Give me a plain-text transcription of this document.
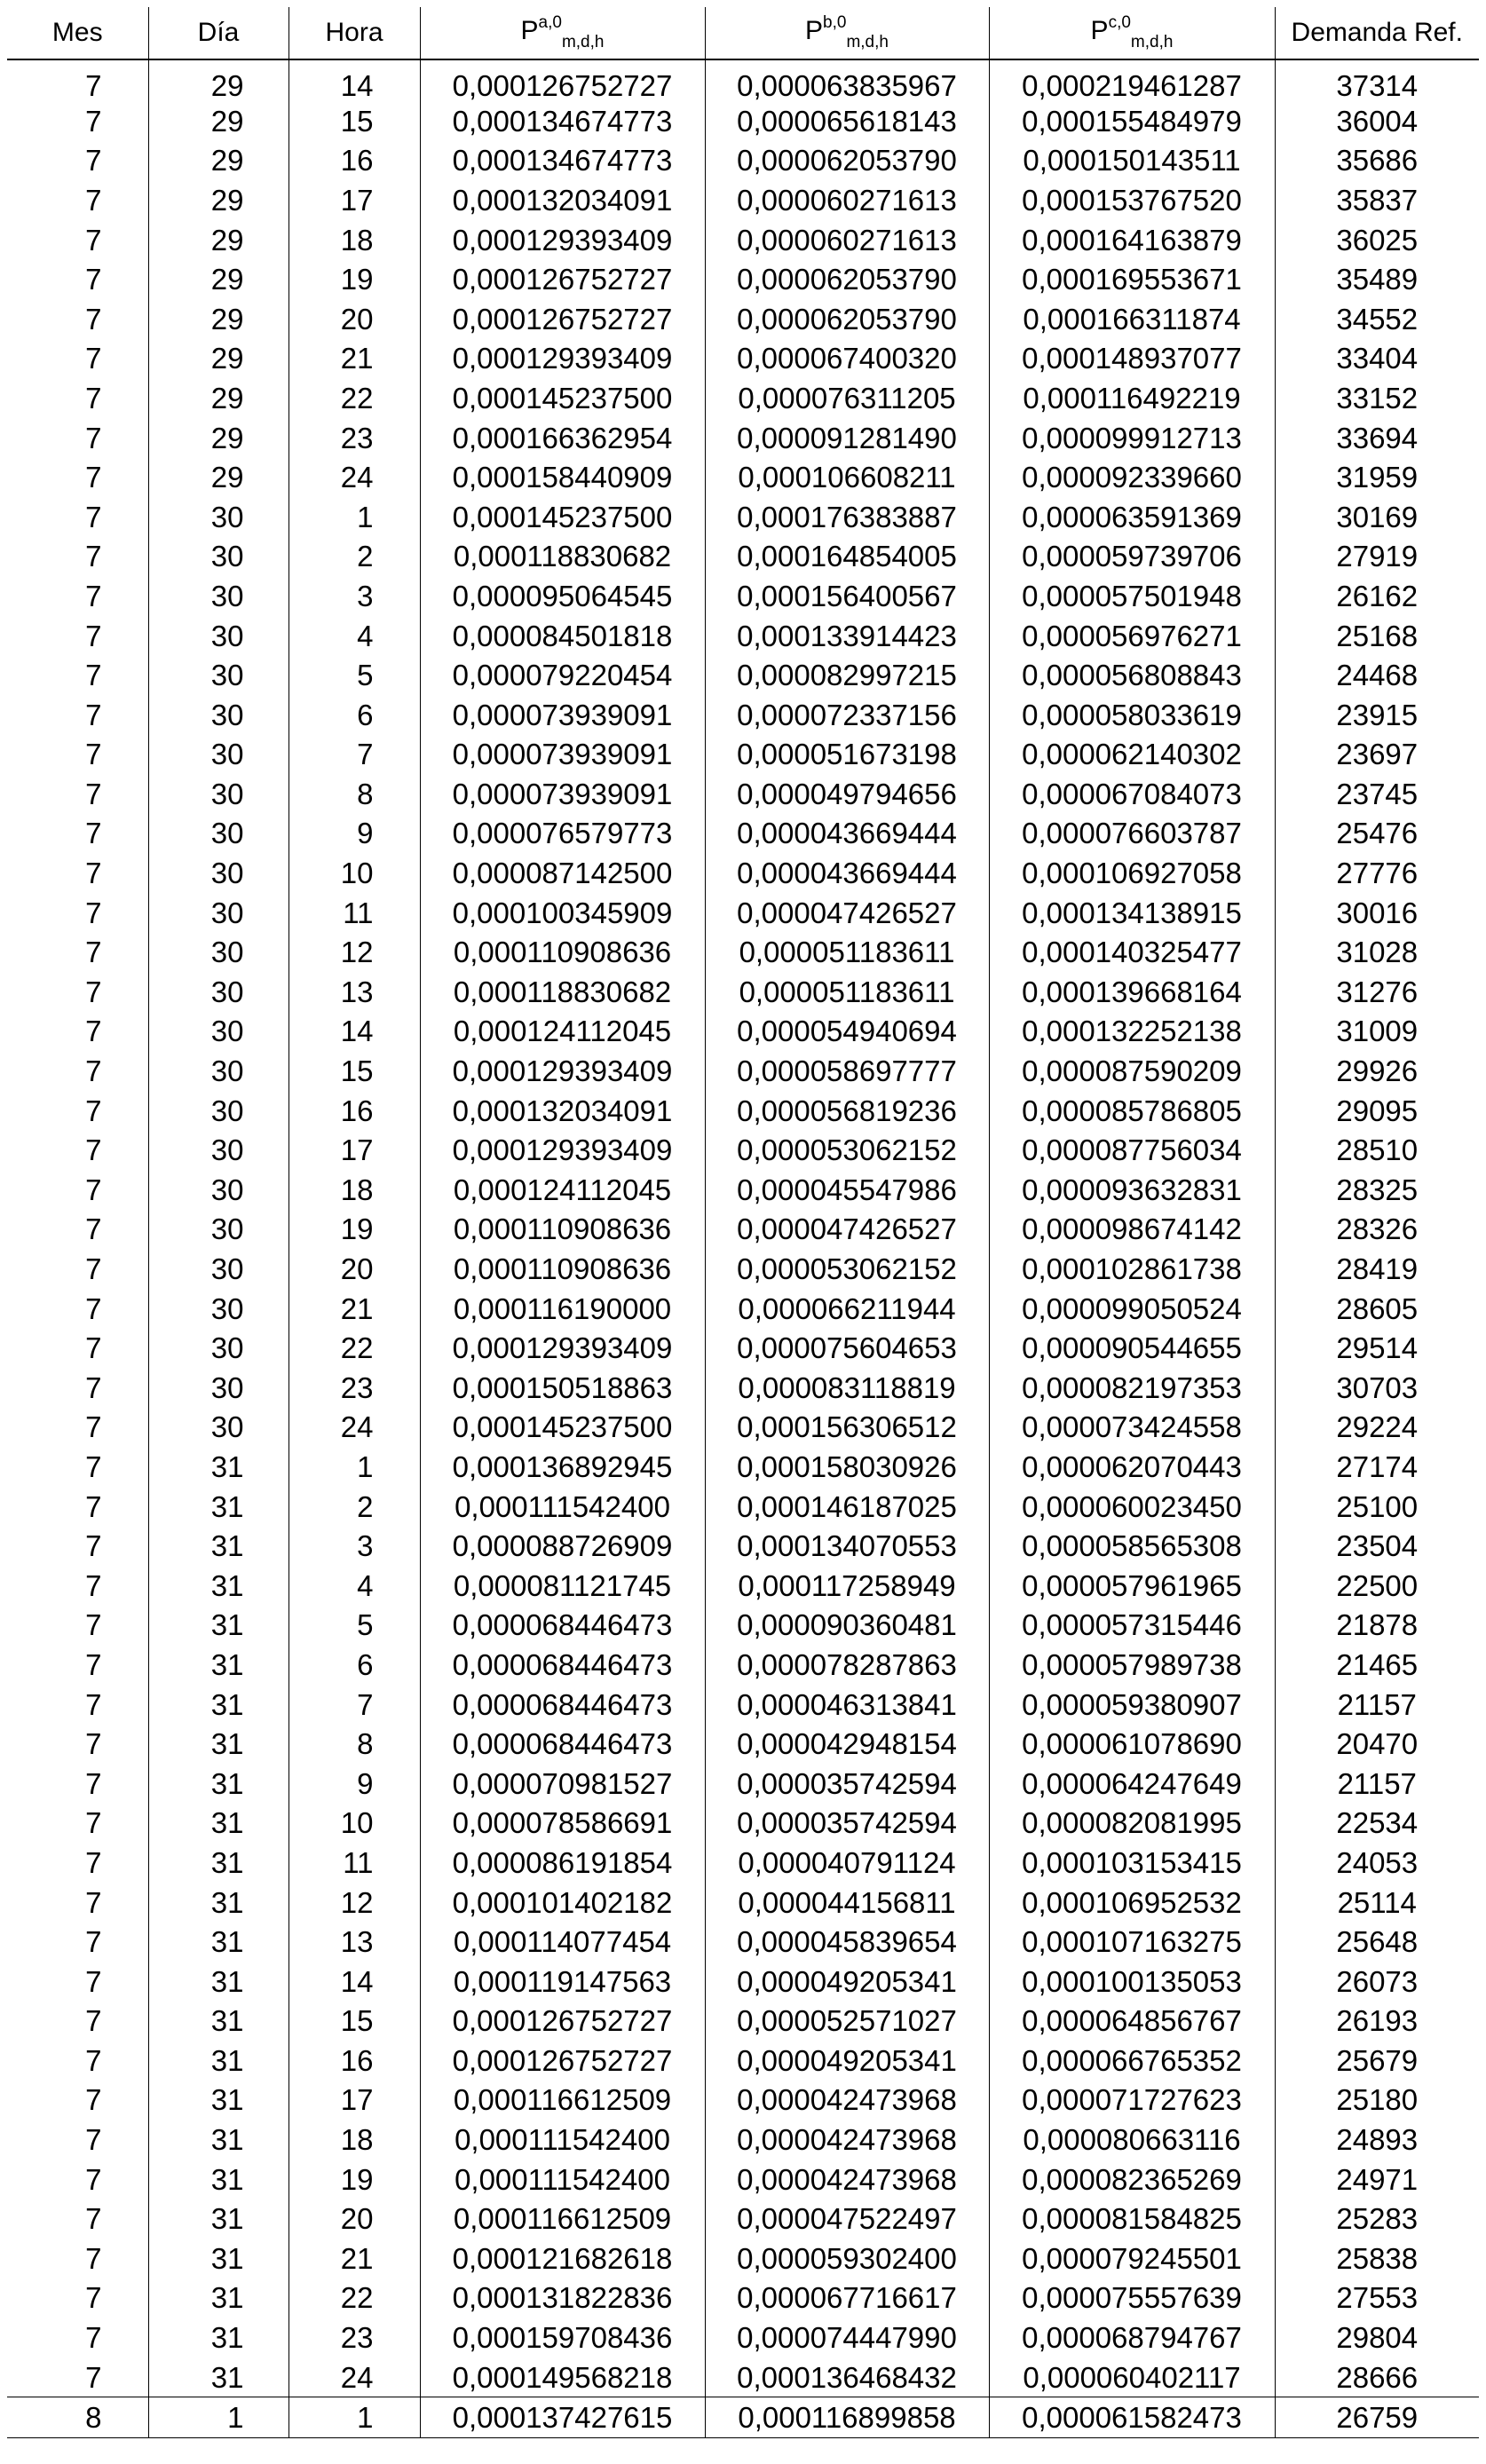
Mes	Día	Hora	P$^{a,0}_{m,d,h}$	P$^{b,0}_{m,d,h}$	P$^{c,0}_{m,d,h}$	Demanda Ref.
7	29	14	0,000126752727	0,000063835967	0,000219461287	37314
7	29	15	0,000134674773	0,000065618143	0,000155484979	36004
7	29	16	0,000134674773	0,000062053790	0,000150143511	35686
7	29	17	0,000132034091	0,000060271613	0,000153767520	35837
7	29	18	0,000129393409	0,000060271613	0,000164163879	36025
7	29	19	0,000126752727	0,000062053790	0,000169553671	35489
7	29	20	0,000126752727	0,000062053790	0,000166311874	34552
7	29	21	0,000129393409	0,000067400320	0,000148937077	33404
7	29	22	0,000145237500	0,000076311205	0,000116492219	33152
7	29	23	0,000166362954	0,000091281490	0,000099912713	33694
7	29	24	0,000158440909	0,000106608211	0,000092339660	31959
7	30	1	0,000145237500	0,000176383887	0,000063591369	30169
7	30	2	0,000118830682	0,000164854005	0,000059739706	27919
7	30	3	0,000095064545	0,000156400567	0,000057501948	26162
7	30	4	0,000084501818	0,000133914423	0,000056976271	25168
7	30	5	0,000079220454	0,000082997215	0,000056808843	24468
7	30	6	0,000073939091	0,000072337156	0,000058033619	23915
7	30	7	0,000073939091	0,000051673198	0,000062140302	23697
7	30	8	0,000073939091	0,000049794656	0,000067084073	23745
7	30	9	0,000076579773	0,000043669444	0,000076603787	25476
7	30	10	0,000087142500	0,000043669444	0,000106927058	27776
7	30	11	0,000100345909	0,000047426527	0,000134138915	30016
7	30	12	0,000110908636	0,000051183611	0,000140325477	31028
7	30	13	0,000118830682	0,000051183611	0,000139668164	31276
7	30	14	0,000124112045	0,000054940694	0,000132252138	31009
7	30	15	0,000129393409	0,000058697777	0,000087590209	29926
7	30	16	0,000132034091	0,000056819236	0,000085786805	29095
7	30	17	0,000129393409	0,000053062152	0,000087756034	28510
7	30	18	0,000124112045	0,000045547986	0,000093632831	28325
7	30	19	0,000110908636	0,000047426527	0,000098674142	28326
7	30	20	0,000110908636	0,000053062152	0,000102861738	28419
7	30	21	0,000116190000	0,000066211944	0,000099050524	28605
7	30	22	0,000129393409	0,000075604653	0,000090544655	29514
7	30	23	0,000150518863	0,000083118819	0,000082197353	30703
7	30	24	0,000145237500	0,000156306512	0,000073424558	29224
7	31	1	0,000136892945	0,000158030926	0,000062070443	27174
7	31	2	0,000111542400	0,000146187025	0,000060023450	25100
7	31	3	0,000088726909	0,000134070553	0,000058565308	23504
7	31	4	0,000081121745	0,000117258949	0,000057961965	22500
7	31	5	0,000068446473	0,000090360481	0,000057315446	21878
7	31	6	0,000068446473	0,000078287863	0,000057989738	21465
7	31	7	0,000068446473	0,000046313841	0,000059380907	21157
7	31	8	0,000068446473	0,000042948154	0,000061078690	20470
7	31	9	0,000070981527	0,000035742594	0,000064247649	21157
7	31	10	0,000078586691	0,000035742594	0,000082081995	22534
7	31	11	0,000086191854	0,000040791124	0,000103153415	24053
7	31	12	0,000101402182	0,000044156811	0,000106952532	25114
7	31	13	0,000114077454	0,000045839654	0,000107163275	25648
7	31	14	0,000119147563	0,000049205341	0,000100135053	26073
7	31	15	0,000126752727	0,000052571027	0,000064856767	26193
7	31	16	0,000126752727	0,000049205341	0,000066765352	25679
7	31	17	0,000116612509	0,000042473968	0,000071727623	25180
7	31	18	0,000111542400	0,000042473968	0,000080663116	24893
7	31	19	0,000111542400	0,000042473968	0,000082365269	24971
7	31	20	0,000116612509	0,000047522497	0,000081584825	25283
7	31	21	0,000121682618	0,000059302400	0,000079245501	25838
7	31	22	0,000131822836	0,000067716617	0,000075557639	27553
7	31	23	0,000159708436	0,000074447990	0,000068794767	29804
7	31	24	0,000149568218	0,000136468432	0,000060402117	28666
8	1	1	0,000137427615	0,000116899858	0,000061582473	26759
